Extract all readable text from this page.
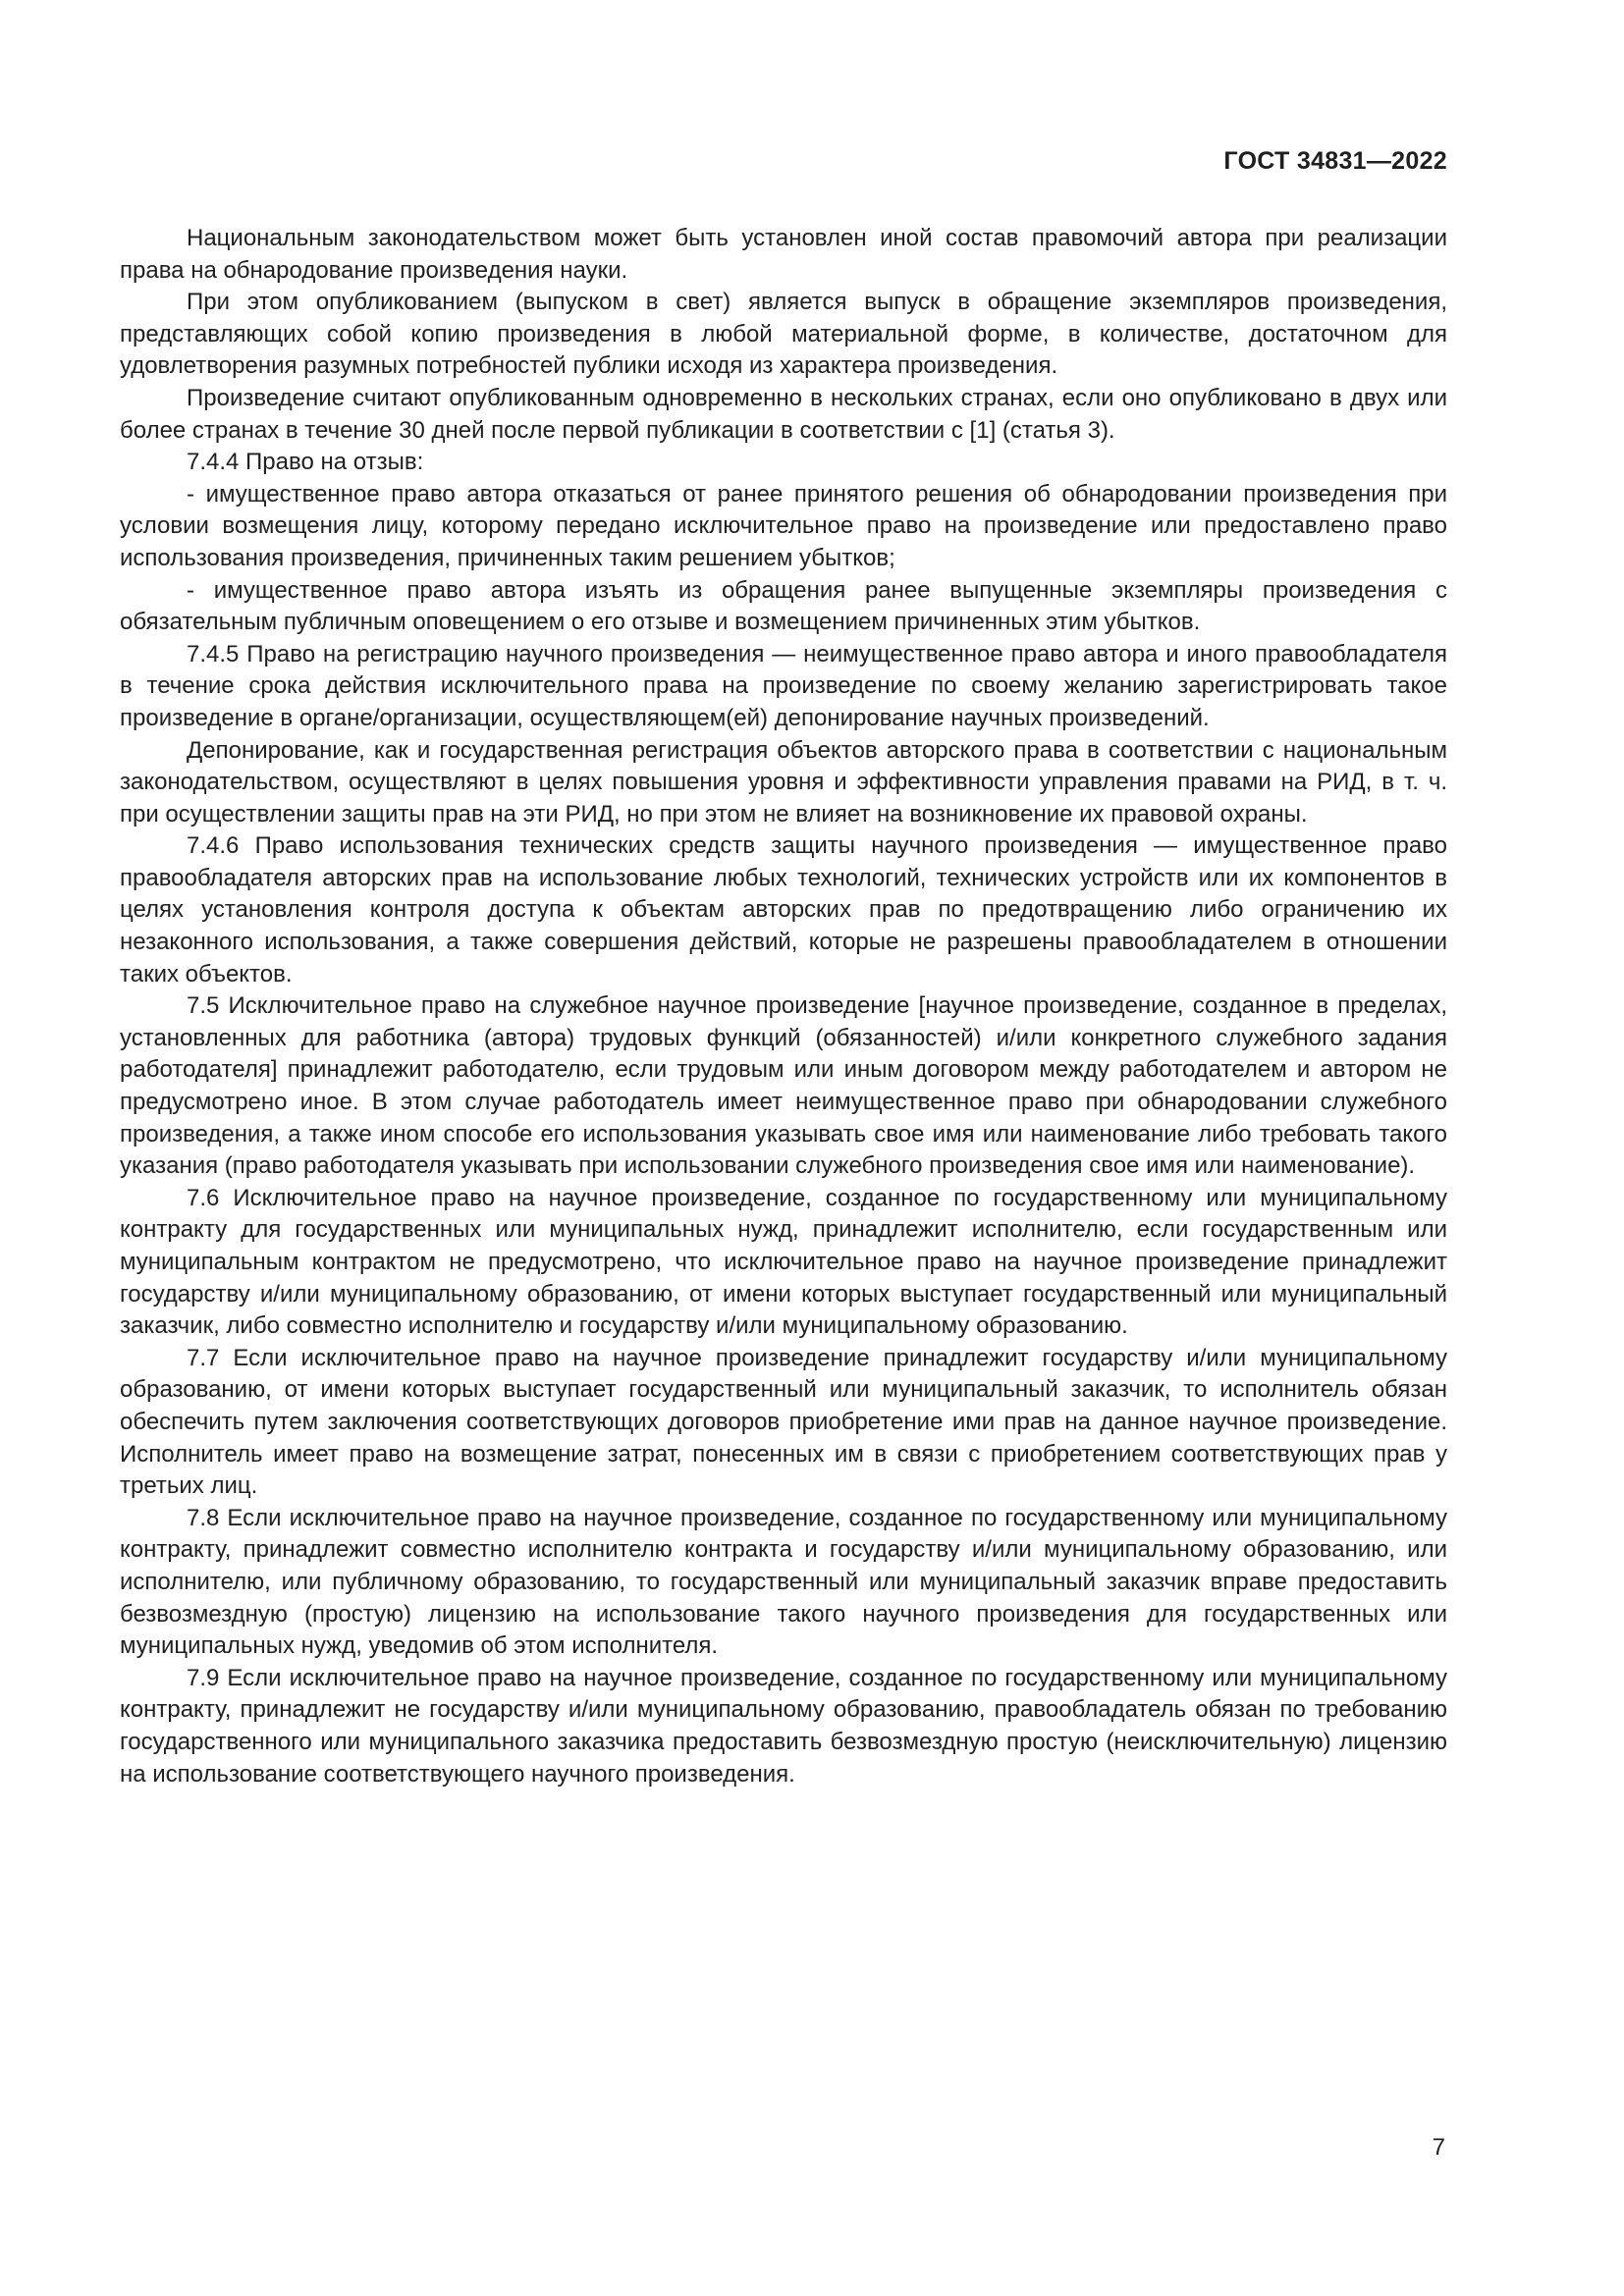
ГОСТ 34831—2022

Национальным законодательством может быть установлен иной состав правомочий автора при реализации права на обнародование произведения науки.

При этом опубликованием (выпуском в свет) является выпуск в обращение экземпляров произведения, представляющих собой копию произведения в любой материальной форме, в количестве, достаточном для удовлетворения разумных потребностей публики исходя из характера произведения.

Произведение считают опубликованным одновременно в нескольких странах, если оно опубликовано в двух или более странах в течение 30 дней после первой публикации в соответствии с [1] (статья 3).

7.4.4 Право на отзыв:

- имущественное право автора отказаться от ранее принятого решения об обнародовании произведения при условии возмещения лицу, которому передано исключительное право на произведение или предоставлено право использования произведения, причиненных таким решением убытков;

- имущественное право автора изъять из обращения ранее выпущенные экземпляры произведения с обязательным публичным оповещением о его отзыве и возмещением причиненных этим убытков.

7.4.5 Право на регистрацию научного произведения — неимущественное право автора и иного правообладателя в течение срока действия исключительного права на произведение по своему желанию зарегистрировать такое произведение в органе/организации, осуществляющем(ей) депонирование научных произведений.

Депонирование, как и государственная регистрация объектов авторского права в соответствии с национальным законодательством, осуществляют в целях повышения уровня и эффективности управления правами на РИД, в т. ч. при осуществлении защиты прав на эти РИД, но при этом не влияет на возникновение их правовой охраны.

7.4.6 Право использования технических средств защиты научного произведения — имущественное право правообладателя авторских прав на использование любых технологий, технических устройств или их компонентов в целях установления контроля доступа к объектам авторских прав по предотвращению либо ограничению их незаконного использования, а также совершения действий, которые не разрешены правообладателем в отношении таких объектов.

7.5 Исключительное право на служебное научное произведение [научное произведение, созданное в пределах, установленных для работника (автора) трудовых функций (обязанностей) и/или конкретного служебного задания работодателя] принадлежит работодателю, если трудовым или иным договором между работодателем и автором не предусмотрено иное. В этом случае работодатель имеет неимущественное право при обнародовании служебного произведения, а также ином способе его использования указывать свое имя или наименование либо требовать такого указания (право работодателя указывать при использовании служебного произведения свое имя или наименование).

7.6 Исключительное право на научное произведение, созданное по государственному или муниципальному контракту для государственных или муниципальных нужд, принадлежит исполнителю, если государственным или муниципальным контрактом не предусмотрено, что исключительное право на научное произведение принадлежит государству и/или муниципальному образованию, от имени которых выступает государственный или муниципальный заказчик, либо совместно исполнителю и государству и/или муниципальному образованию.

7.7 Если исключительное право на научное произведение принадлежит государству и/или муниципальному образованию, от имени которых выступает государственный или муниципальный заказчик, то исполнитель обязан обеспечить путем заключения соответствующих договоров приобретение ими прав на данное научное произведение. Исполнитель имеет право на возмещение затрат, понесенных им в связи с приобретением соответствующих прав у третьих лиц.

7.8 Если исключительное право на научное произведение, созданное по государственному или муниципальному контракту, принадлежит совместно исполнителю контракта и государству и/или муниципальному образованию, или исполнителю, или публичному образованию, то государственный или муниципальный заказчик вправе предоставить безвозмездную (простую) лицензию на использование такого научного произведения для государственных или муниципальных нужд, уведомив об этом исполнителя.

7.9 Если исключительное право на научное произведение, созданное по государственному или муниципальному контракту, принадлежит не государству и/или муниципальному образованию, правообладатель обязан по требованию государственного или муниципального заказчика предоставить безвозмездную простую (неисключительную) лицензию на использование соответствующего научного произведения.

7
